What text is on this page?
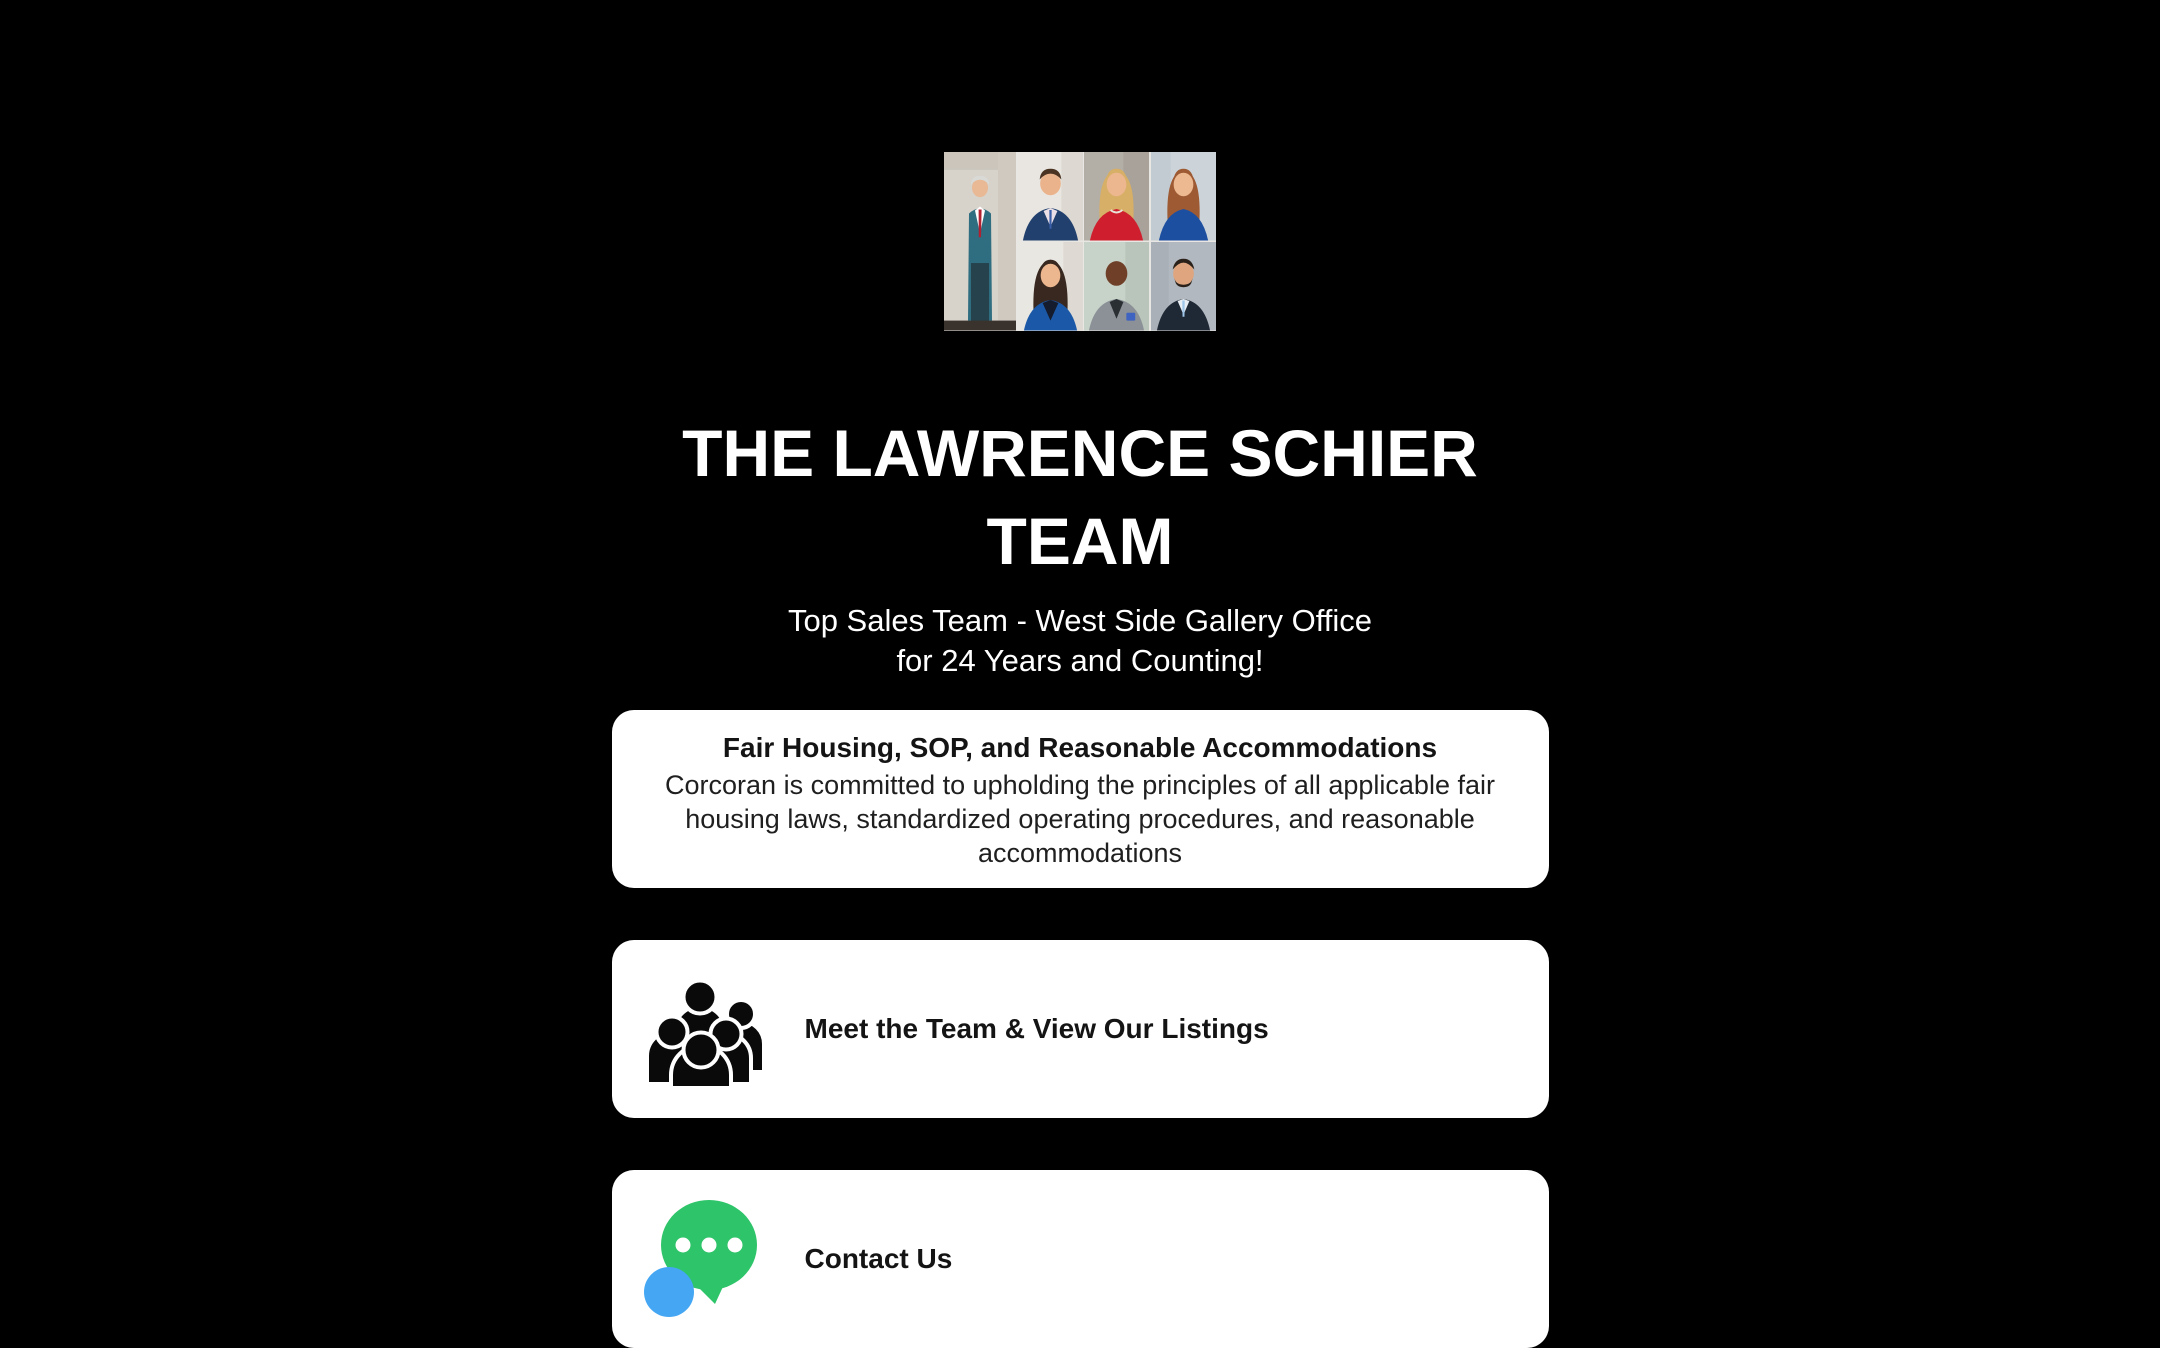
THE LAWRENCE SCHIER TEAM
Top Sales Team - West Side Gallery Office
for 24 Years and Counting!
Fair Housing, SOP, and Reasonable Accommodations
Corcoran is committed to upholding the principles of all applicable fair housing laws, standardized operating procedures, and reasonable accommodations
Meet the Team & View Our Listings
Contact Us
